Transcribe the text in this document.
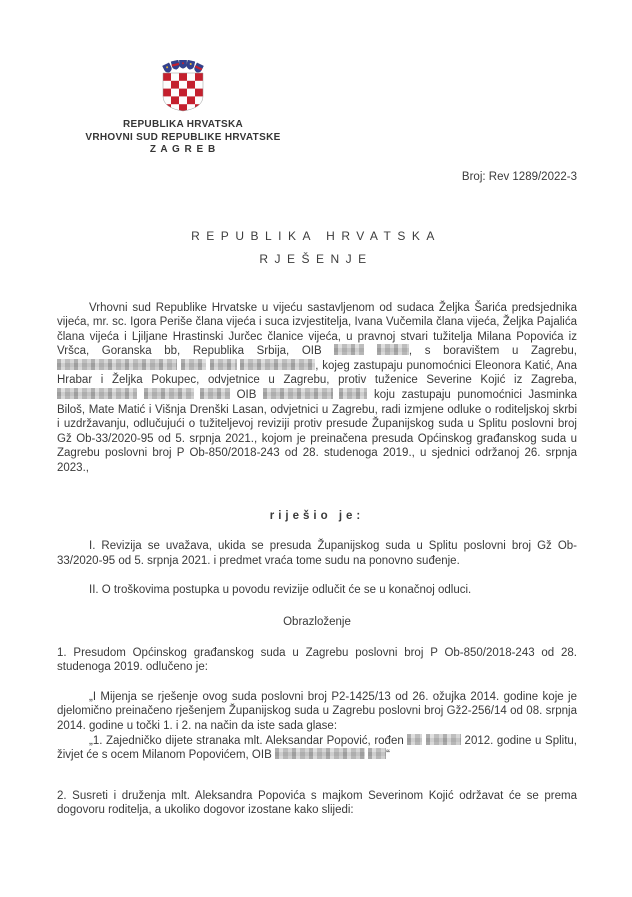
REPUBLIKA HRVATSKA
VRHOVNI SUD REPUBLIKE HRVATSKE
Z A G R E B
Broj: Rev 1289/2022-3
REPUBLIKA HRVATSKA
RJEŠENJE
Vrhovni sud Republike Hrvatske u vijeću sastavljenom od sudaca Željka Šarića predsjednika vijeća, mr. sc. Igora Periše člana vijeća i suca izvjestitelja, Ivana Vučemila člana vijeća, Željka Pajalića člana vijeća i Ljiljane Hrastinski Jurčec članice vijeća, u pravnoj stvari tužitelja Milana Popovića iz Vršca, Goranska bb, Republika Srbija, OIB	, s boravištem u Zagrebu,    , kojeg zastupaju punomoćnici Eleonora Katić, Ana Hrabar i Željka Pokupec, odvjetnice u Zagrebu, protiv tuženice Severine Kojić iz Zagreba,    OIB	koju zastupaju punomoćnici Jasminka Biloš, Mate Matić i Višnja Drenški Lasan, odvjetnici u Zagrebu, radi izmjene odluke o roditeljskoj skrbi i uzdržavanju, odlučujući o tužiteljevoj reviziji protiv presude Županijskog suda u Splitu poslovni broj Gž Ob-33/2020-95 od 5. srpnja 2021., kojom je preinačena presuda Općinskog građanskog suda u Zagrebu poslovni broj P Ob-850/2018-243 od 28. studenoga 2019., u sjednici održanoj 26. srpnja 2023.,
riješio je:
I. Revizija se uvažava, ukida se presuda Županijskog suda u Splitu poslovni broj Gž Ob-33/2020-95 od 5. srpnja 2021. i predmet vraća tome sudu na ponovno suđenje.
II. O troškovima postupka u povodu revizije odlučit će se u konačnoj odluci.
Obrazloženje
1. Presudom Općinskog građanskog suda u Zagrebu poslovni broj P Ob-850/2018-243 od 28. studenoga 2019. odlučeno je:
„I Mijenja se rješenje ovog suda poslovni broj P2-1425/13 od 26. ožujka 2014. godine koje je djelomično preinačeno rješenjem Županijskog suda u Zagrebu poslovni broj Gž2-256/14 od 08. srpnja 2014. godine u točki 1. i 2. na način da iste sada glase:
„1. Zajedničko dijete stranaka mlt. Aleksandar Popović, rođen	2012. godine u Splitu, živjet će s ocem Milanom Popovićem, OIB	“
2. Susreti i druženja mlt. Aleksandra Popovića s majkom Severinom Kojić održavat će se prema dogovoru roditelja, a ukoliko dogovor izostane kako slijedi:
